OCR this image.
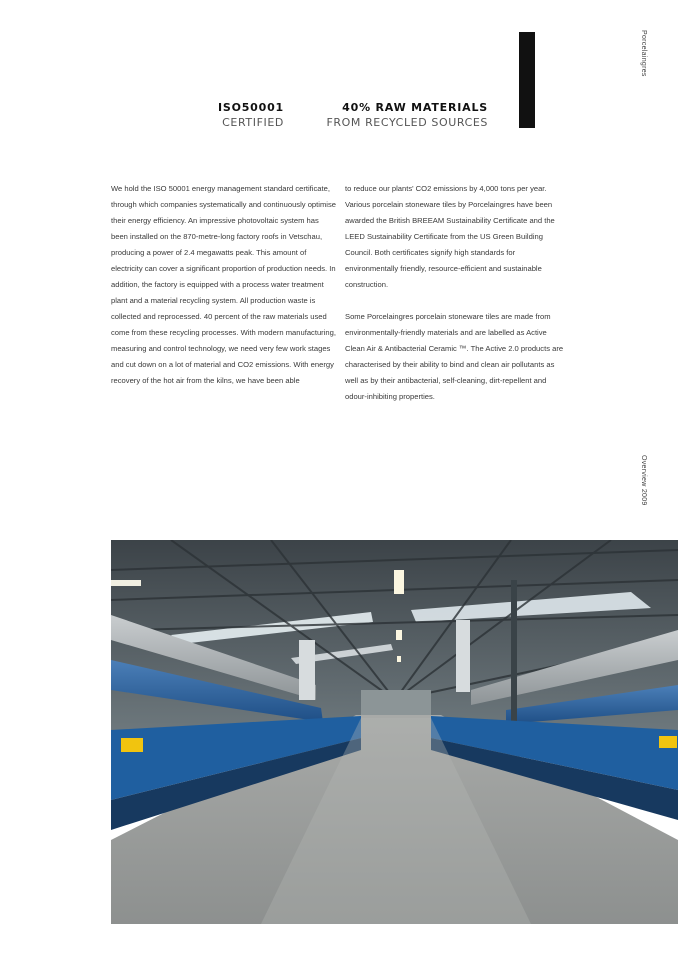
Porcelaingres
Overview 2009
ISO50001
CERTIFIED
40% RAW MATERIALS
FROM RECYCLED SOURCES

We hold the ISO 50001 energy management standard certificate, through which companies systematically and continuously optimise their energy efficiency. An impressive photovoltaic system has been installed on the 870-metre-long factory roofs in Vetschau, producing a power of 2.4 megawatts peak. This amount of electricity can cover a significant proportion of production needs. In addition, the factory is equipped with a process water treatment plant and a material recycling system. All production waste is collected and reprocessed. 40 percent of the raw materials used come from these recycling processes. With modern manufacturing, measuring and control technology, we need very few work stages and cut down on a lot of material and CO2 emissions. With energy recovery of the hot air from the kilns, we have been able

to reduce our plants' CO2 emissions by 4,000 tons per year. Various porcelain stoneware tiles by Porcelaingres have been awarded the British BREEAM Sustainability Certificate and the LEED Sustainability Certificate from the US Green Building Council. Both certificates signify high standards for environmentally friendly, resource-efficient and sustainable construction.

Some Porcelaingres porcelain stoneware tiles are made from environmentally-friendly materials and are labelled as Active Clean Air & Antibacterial Ceramic ™. The Active 2.0 products are characterised by their ability to bind and clean air pollutants as well as by their antibacterial, self-cleaning, dirt-repellent and odour-inhibiting properties.
